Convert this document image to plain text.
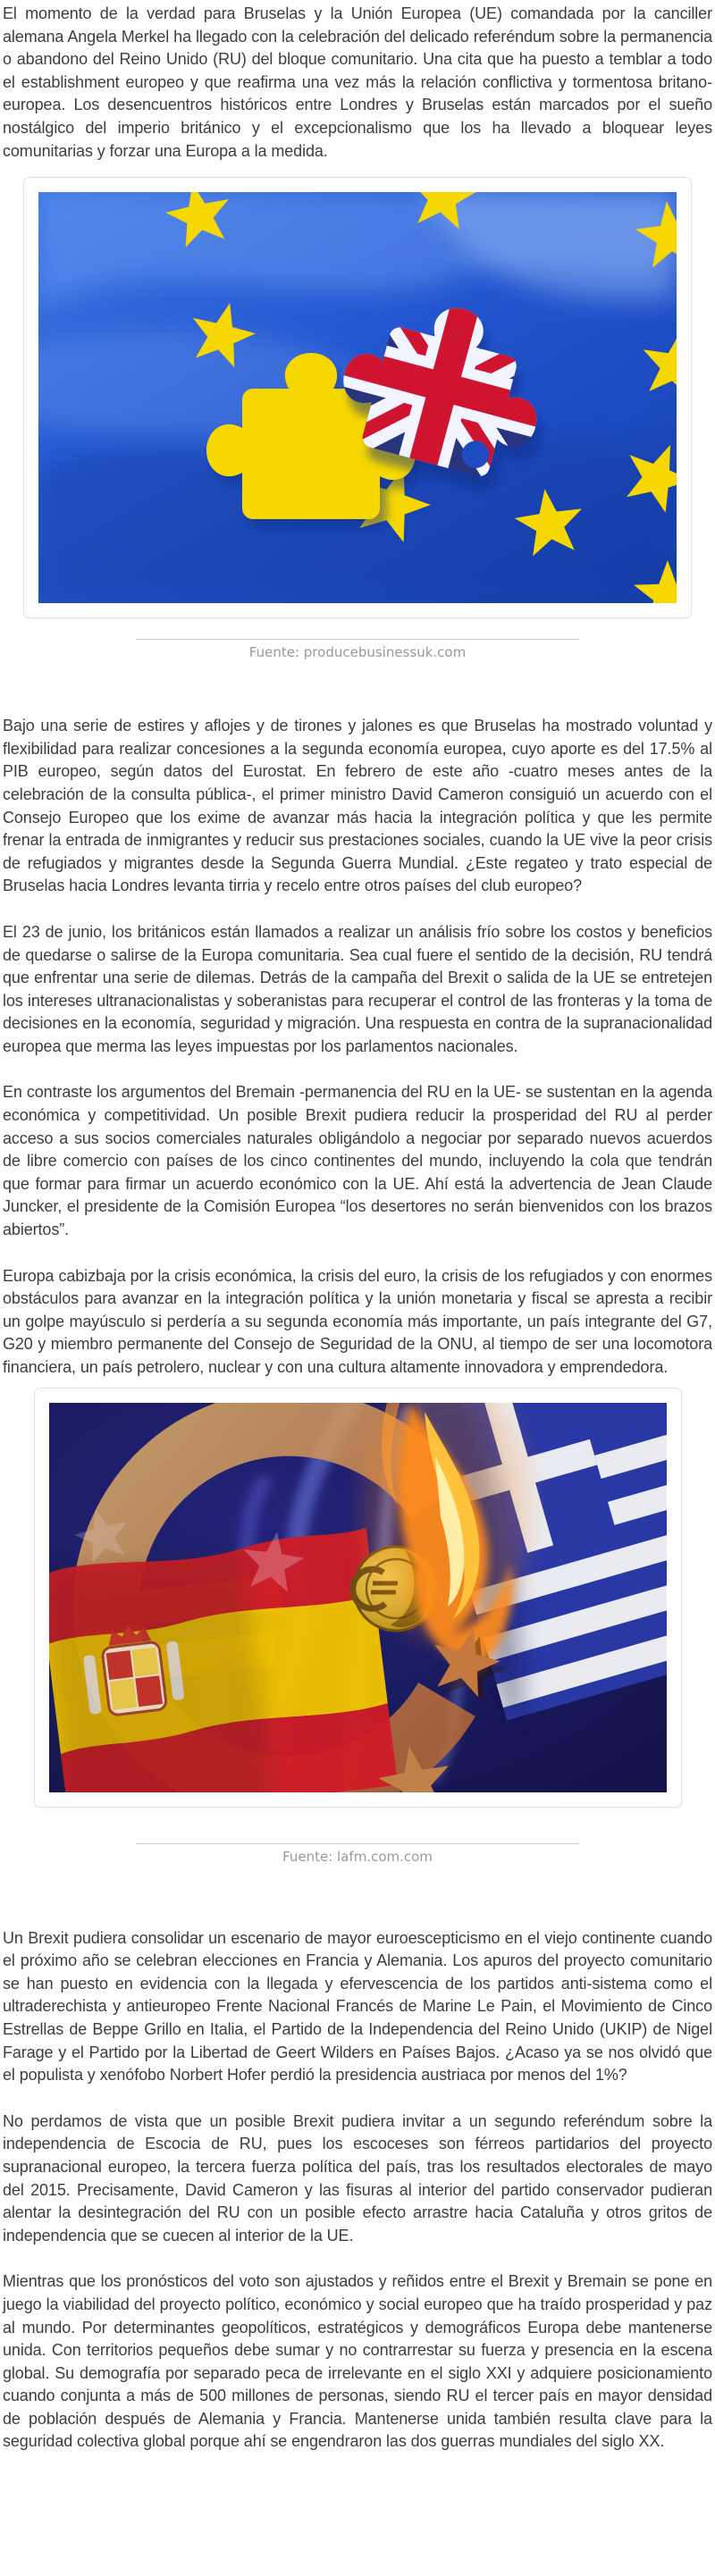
El momento de la verdad para Bruselas y la Unión Europea (UE) comandada por la canciller alemana Angela Merkel ha llegado con la celebración del delicado referéndum sobre la permanencia o abandono del Reino Unido (RU) del bloque comunitario. Una cita que ha puesto a temblar a todo el establishment europeo y que reafirma una vez más la relación conflictiva y tormentosa britano-europea. Los desencuentros históricos entre Londres y Bruselas están marcados por el sueño nostálgico del imperio británico y el excepcionalismo que los ha llevado a bloquear leyes comunitarias y forzar una Europa a la medida.

Fuente: producebusinessuk.com

Bajo una serie de estires y aflojes y de tirones y jalones es que Bruselas ha mostrado voluntad y flexibilidad para realizar concesiones a la segunda economía europea, cuyo aporte es del 17.5% al PIB europeo, según datos del Eurostat. En febrero de este año -cuatro meses antes de la celebración de la consulta pública-, el primer ministro David Cameron consiguió un acuerdo con el Consejo Europeo que los exime de avanzar más hacia la integración política y que les permite frenar la entrada de inmigrantes y reducir sus prestaciones sociales, cuando la UE vive la peor crisis de refugiados y migrantes desde la Segunda Guerra Mundial. ¿Este regateo y trato especial de Bruselas hacia Londres levanta tirria y recelo entre otros países del club europeo?

El 23 de junio, los británicos están llamados a realizar un análisis frío sobre los costos y beneficios de quedarse o salirse de la Europa comunitaria. Sea cual fuere el sentido de la decisión, RU tendrá que enfrentar una serie de dilemas. Detrás de la campaña del Brexit o salida de la UE se entretejen los intereses ultranacionalistas y soberanistas para recuperar el control de las fronteras y la toma de decisiones en la economía, seguridad y migración. Una respuesta en contra de la supranacionalidad europea que merma las leyes impuestas por los parlamentos nacionales.

En contraste los argumentos del Bremain -permanencia del RU en la UE- se sustentan en la agenda económica y competitividad. Un posible Brexit pudiera reducir la prosperidad del RU al perder acceso a sus socios comerciales naturales obligándolo a negociar por separado nuevos acuerdos de libre comercio con países de los cinco continentes del mundo, incluyendo la cola que tendrán que formar para firmar un acuerdo económico con la UE. Ahí está la advertencia de Jean Claude Juncker, el presidente de la Comisión Europea “los desertores no serán bienvenidos con los brazos abiertos”.

Europa cabizbaja por la crisis económica, la crisis del euro, la crisis de los refugiados y con enormes obstáculos para avanzar en la integración política y la unión monetaria y fiscal se apresta a recibir un golpe mayúsculo si perdería a su segunda economía más importante, un país integrante del G7, G20 y miembro permanente del Consejo de Seguridad de la ONU, al tiempo de ser una locomotora financiera, un país petrolero, nuclear y con una cultura altamente innovadora y emprendedora.

Fuente: lafm.com.com

Un Brexit pudiera consolidar un escenario de mayor euroescepticismo en el viejo continente cuando el próximo año se celebran elecciones en Francia y Alemania. Los apuros del proyecto comunitario se han puesto en evidencia con la llegada y efervescencia de los partidos anti-sistema como el ultraderechista y antieuropeo Frente Nacional Francés de Marine Le Pain, el Movimiento de Cinco Estrellas de Beppe Grillo en Italia, el Partido de la Independencia del Reino Unido (UKIP) de Nigel Farage y el Partido por la Libertad de Geert Wilders en Países Bajos. ¿Acaso ya se nos olvidó que el populista y xenófobo Norbert Hofer perdió la presidencia austriaca por menos del 1%?

No perdamos de vista que un posible Brexit pudiera invitar a un segundo referéndum sobre la independencia de Escocia de RU, pues los escoceses son férreos partidarios del proyecto supranacional europeo, la tercera fuerza política del país, tras los resultados electorales de mayo del 2015. Precisamente, David Cameron y las fisuras al interior del partido conservador pudieran alentar la desintegración del RU con un posible efecto arrastre hacia Cataluña y otros gritos de independencia que se cuecen al interior de la UE.

Mientras que los pronósticos del voto son ajustados y reñidos entre el Brexit y Bremain se pone en juego la viabilidad del proyecto político, económico y social europeo que ha traído prosperidad y paz al mundo. Por determinantes geopolíticos, estratégicos y demográficos Europa debe mantenerse unida. Con territorios pequeños debe sumar y no contrarrestar su fuerza y presencia en la escena global. Su demografía por separado peca de irrelevante en el siglo XXI y adquiere posicionamiento cuando conjunta a más de 500 millones de personas, siendo RU el tercer país en mayor densidad de población después de Alemania y Francia. Mantenerse unida también resulta clave para la seguridad colectiva global porque ahí se engendraron las dos guerras mundiales del siglo XX.
